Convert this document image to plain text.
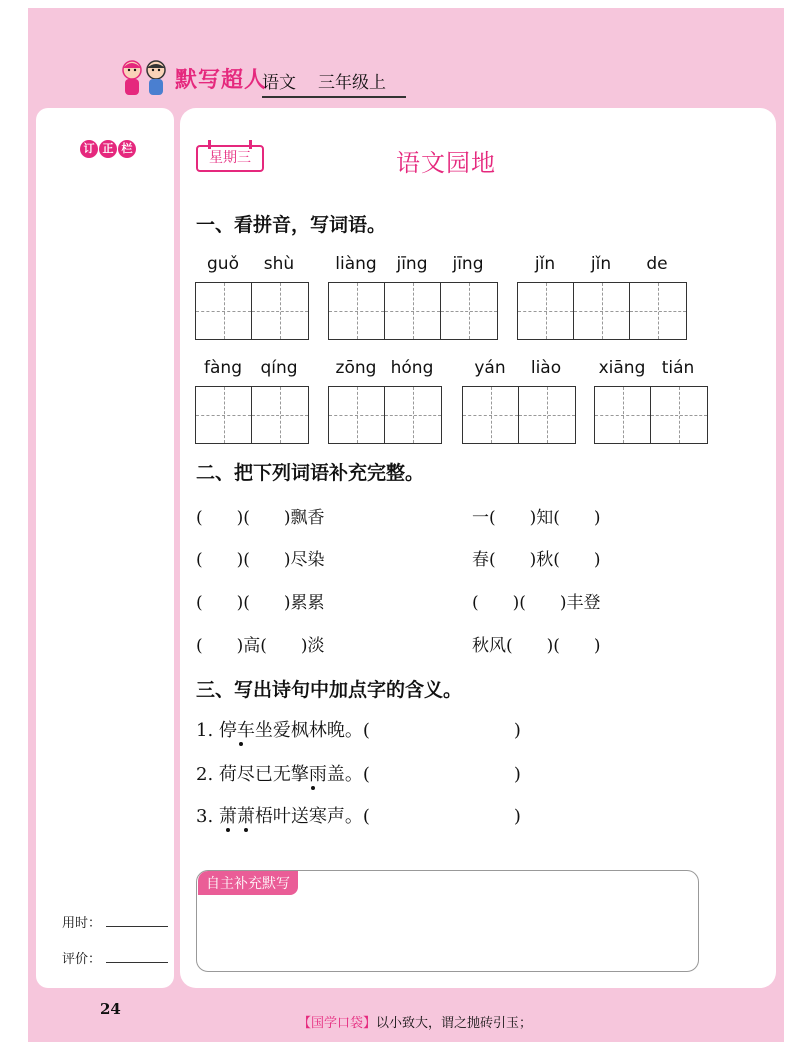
默写超人
语文 三年级上
订 正 栏
星期三	语文园地
一、看拼音，写词语。
guǒ	shù	liàng	jīng	jīng	jǐn	jǐn	de
fàng	qíng	zōng hóng	yán	liào	xiāng tián
二、把下列词语补充完整。
(　　)(　　)飘香	一(　　)知(　　)
(　　)(　　)尽染	春(　　)秋(　　)
(　　)(　　)累累	(　　)(　　)丰登
(　　)高(　　)淡	秋风(　　)(　　)
三、写出诗句中加点字的含义。
1. 停车坐爱枫林晚。(　　　　　　　　)
2. 荷尽已无擎雨盖。(　　　　　　　　)
3. 萧萧梧叶送寒声。(　　　　　　　　)
自主补充默写
用时：
评价：
24
【国学口袋】以小致大，谓之抛砖引玉；
